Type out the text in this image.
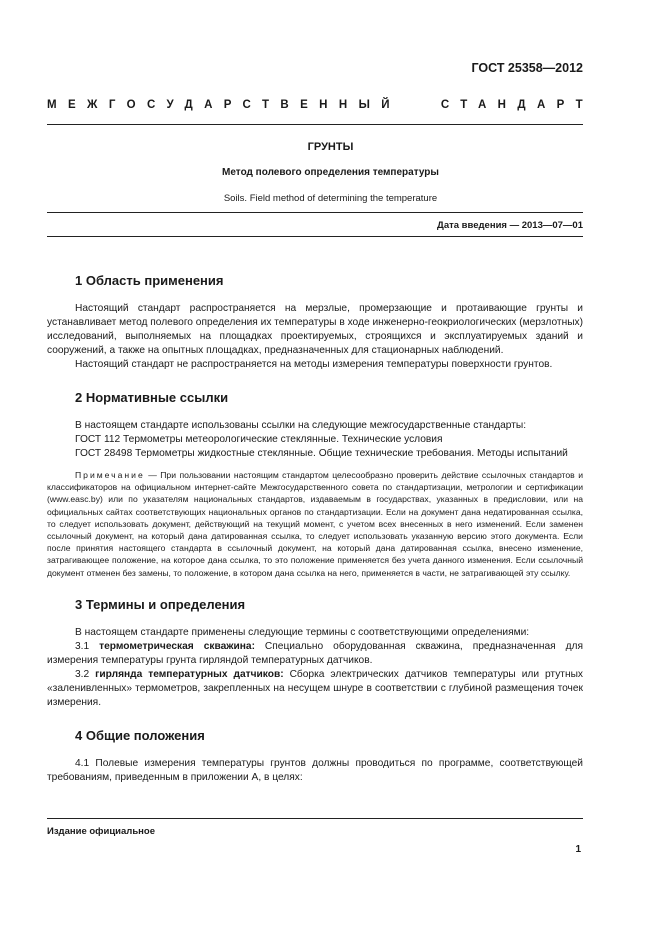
ГОСТ 25358—2012
МЕЖГОСУДАРСТВЕННЫЙ	СТАНДАРТ
ГРУНТЫ
Метод полевого определения температуры
Soils. Field method of determining the temperature
Дата введения — 2013—07—01
1 Область применения

Настоящий стандарт распространяется на мерзлые, промерзающие и протаивающие грунты и устанавливает метод полевого определения их температуры в ходе инженерно-геокриологических (мерзлотных) исследований, выполняемых на площадках проектируемых, строящихся и эксплуатируемых зданий и сооружений, а также на опытных площадках, предназначенных для стационарных наблюдений.

Настоящий стандарт не распространяется на методы измерения температуры поверхности грунтов.

2 Нормативные ссылки

В настоящем стандарте использованы ссылки на следующие межгосударственные стандарты:

ГОСТ 112 Термометры метеорологические стеклянные. Технические условия

ГОСТ 28498 Термометры жидкостные стеклянные. Общие технические требования. Методы испытаний

Примечание — При пользовании настоящим стандартом целесообразно проверить действие ссылочных стандартов и классификаторов на официальном интернет-сайте Межгосударственного совета по стандартизации, метрологии и сертификации (www.easc.by) или по указателям национальных стандартов, издаваемым в государствах, указанных в предисловии, или на официальных сайтах соответствующих национальных органов по стандартизации. Если на документ дана недатированная ссылка, то следует использовать документ, действующий на текущий момент, с учетом всех внесенных в него изменений. Если заменен ссылочный документ, на который дана датированная ссылка, то следует использовать указанную версию этого документа. Если после принятия настоящего стандарта в ссылочный документ, на который дана датированная ссылка, внесено изменение, затрагивающее положение, на которое дана ссылка, то это положение применяется без учета данного изменения. Если ссылочный документ отменен без замены, то положение, в котором дана ссылка на него, применяется в части, не затрагивающей эту ссылку.

3 Термины и определения

В настоящем стандарте применены следующие термины с соответствующими определениями:

3.1 термометрическая скважина: Специально оборудованная скважина, предназначенная для измерения температуры грунта гирляндой температурных датчиков.

3.2 гирлянда температурных датчиков: Сборка электрических датчиков температуры или ртутных «заленивленных» термометров, закрепленных на несущем шнуре в соответствии с глубиной размещения точек измерения.

4 Общие положения

4.1 Полевые измерения температуры грунтов должны проводиться по программе, соответствующей требованиям, приведенным в приложении А, в целях:

Издание официальное
1
